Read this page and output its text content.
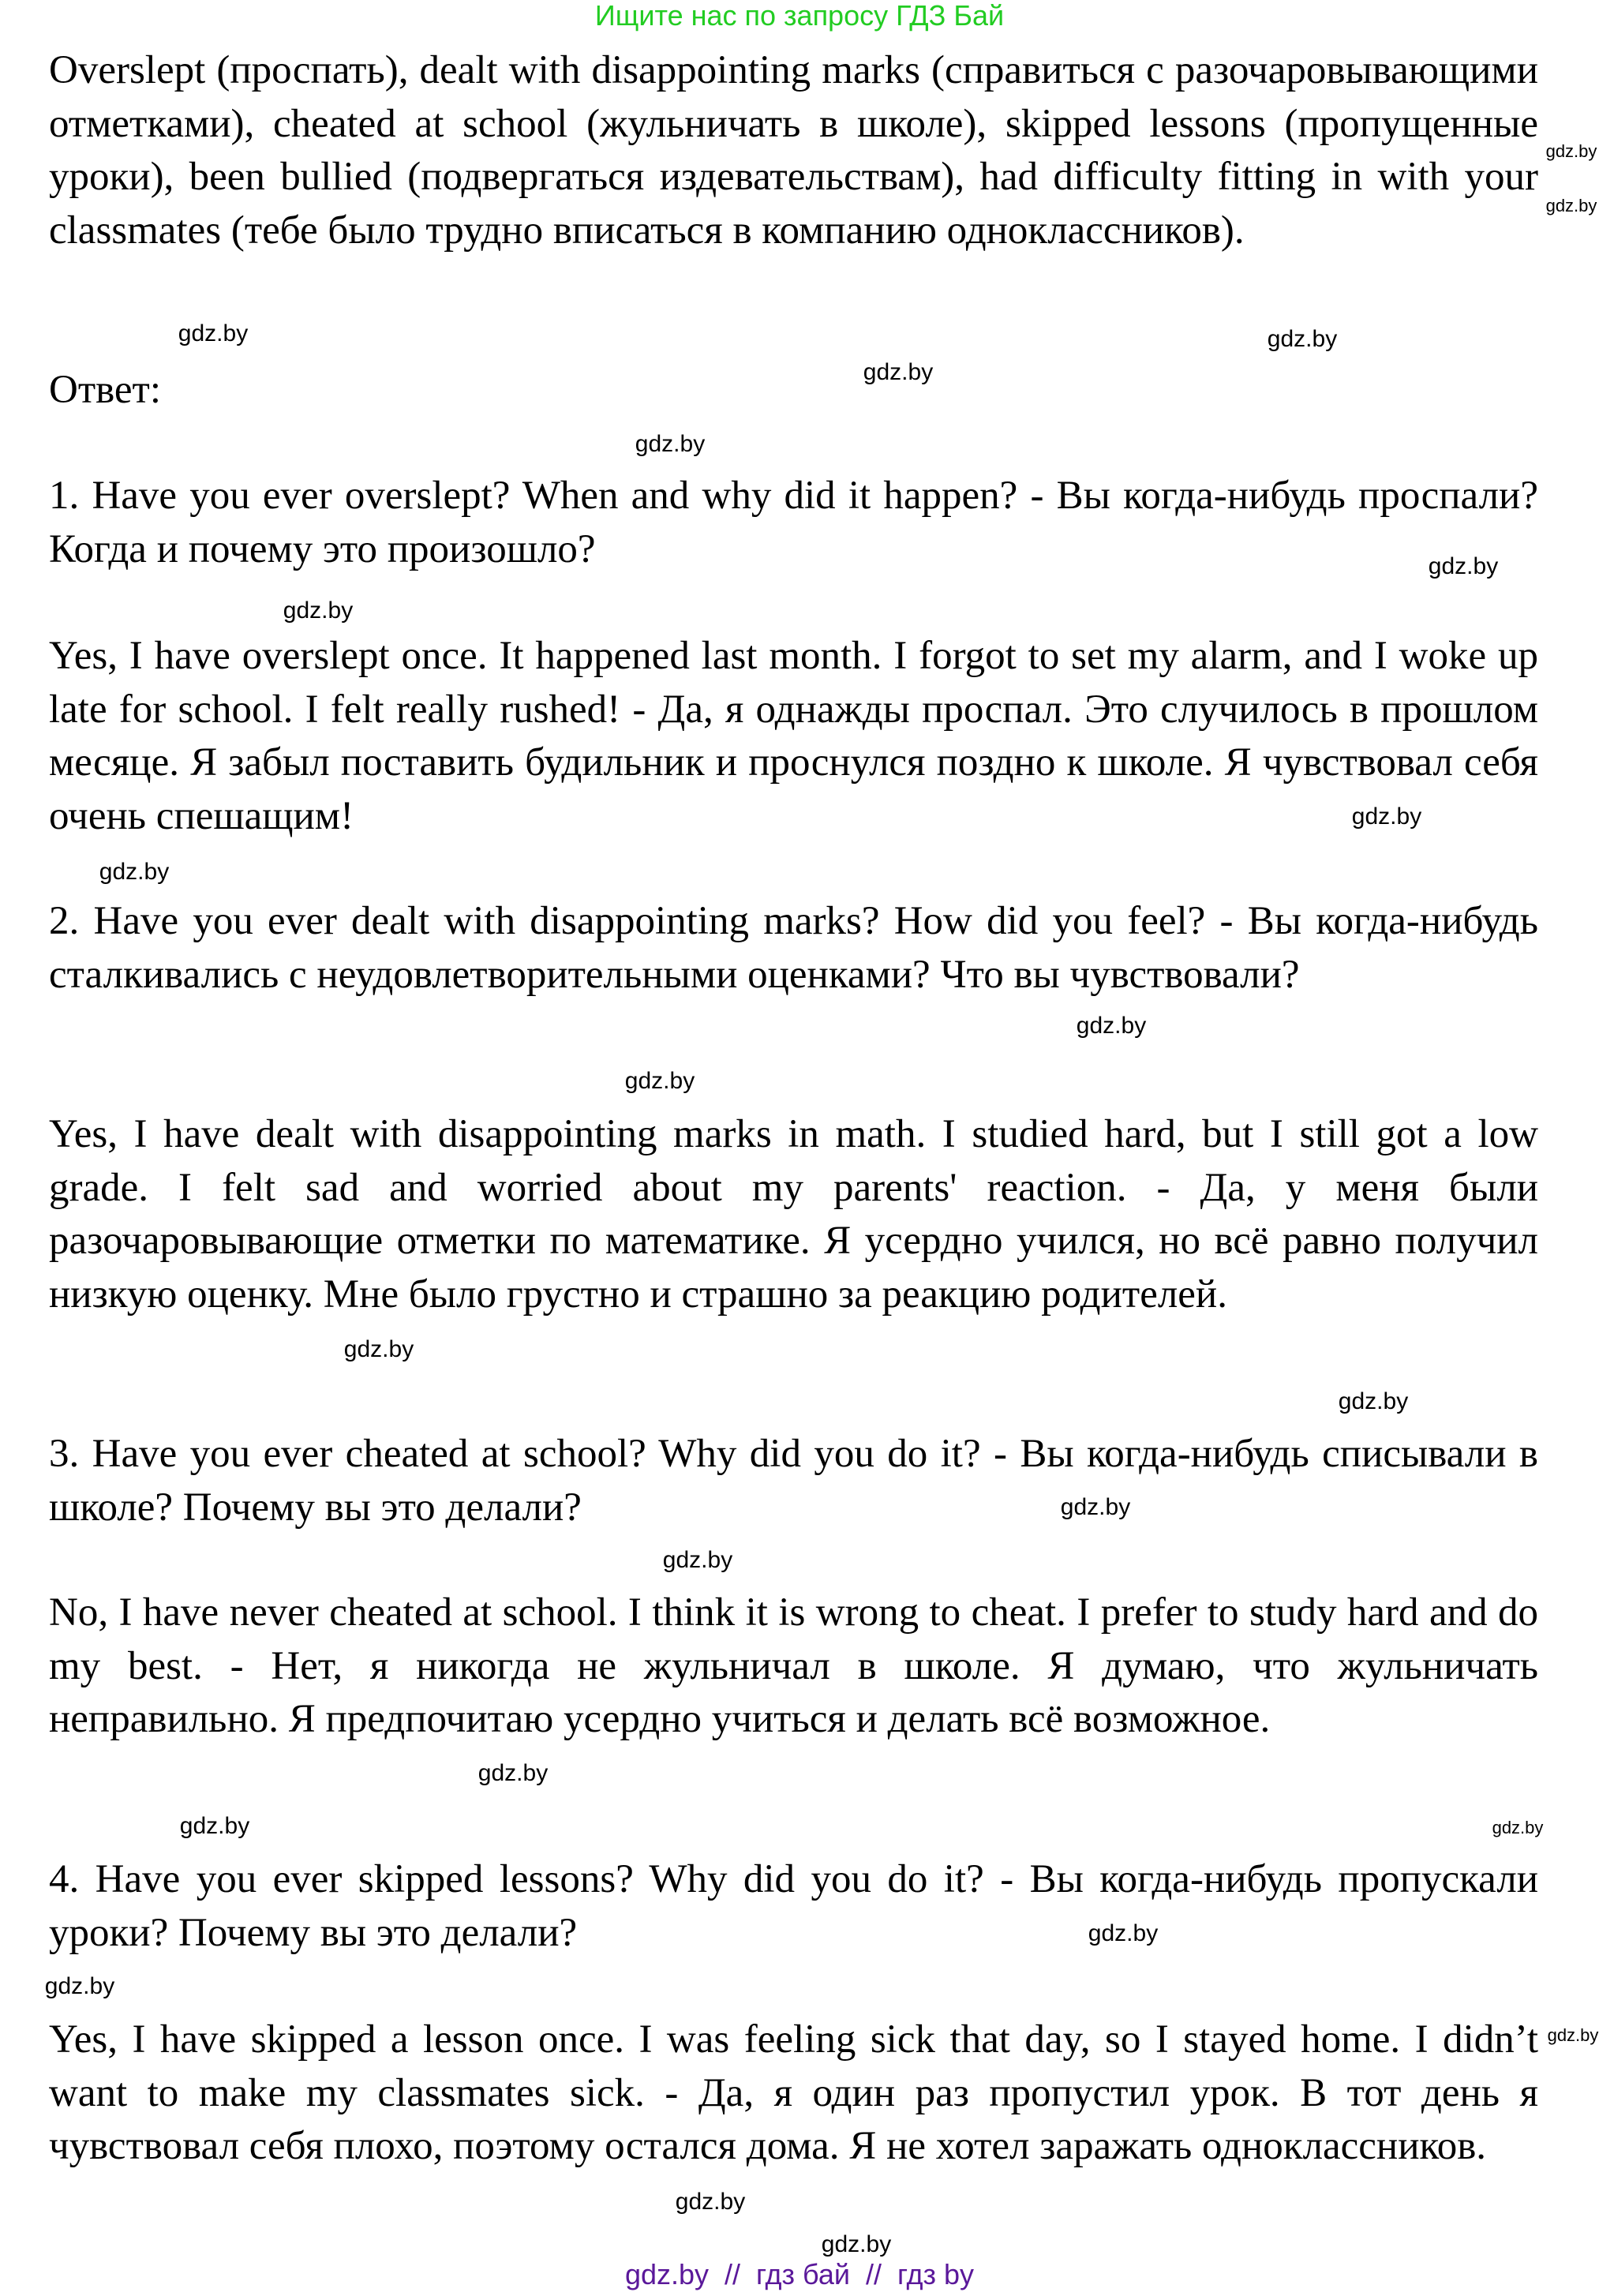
Ищите нас по запросу ГДЗ Бай

Overslept (проспать), dealt with disappointing marks (справиться с разочаровывающими отметками), cheated at school (жульничать в школе), skipped lessons (пропущенные уроки), been bullied (подвергаться издевательствам), had difficulty fitting in with your classmates (тебе было трудно вписаться в компанию одноклассников).

Ответ:

1. Have you ever overslept? When and why did it happen? - Вы когда-нибудь проспали? Когда и почему это произошло?

Yes, I have overslept once. It happened last month. I forgot to set my alarm, and I woke up late for school. I felt really rushed! - Да, я однажды проспал. Это случилось в прошлом месяце. Я забыл поставить будильник и проснулся поздно к школе. Я чувствовал себя очень спешащим!

2. Have you ever dealt with disappointing marks? How did you feel? - Вы когда-нибудь сталкивались с неудовлетворительными оценками? Что вы чувствовали?

Yes, I have dealt with disappointing marks in math. I studied hard, but I still got a low grade. I felt sad and worried about my parents' reaction. - Да, у меня были разочаровывающие отметки по математике. Я усердно учился, но всё равно получил низкую оценку. Мне было грустно и страшно за реакцию родителей.

3. Have you ever cheated at school? Why did you do it? - Вы когда-нибудь списывали в школе? Почему вы это делали?

No, I have never cheated at school. I think it is wrong to cheat. I prefer to study hard and do my best. - Нет, я никогда не жульничал в школе. Я думаю, что жульничать неправильно. Я предпочитаю усердно учиться и делать всё возможное.

4. Have you ever skipped lessons? Why did you do it? - Вы когда-нибудь пропускали уроки? Почему вы это делали?

Yes, I have skipped a lesson once. I was feeling sick that day, so I stayed home. I didn’t want to make my classmates sick. - Да, я один раз пропустил урок. В тот день я чувствовал себя плохо, поэтому остался дома. Я не хотел заражать одноклассников.

gdz.by
gdz.by
gdz.by
gdz.by
gdz.by
gdz.by
gdz.by
gdz.by
gdz.by
gdz.by
gdz.by
gdz.by
gdz.by
gdz.by
gdz.by
gdz.by
gdz.by
gdz.by	gdz.by
gdz.by
gdz.by
gdz.by
gdz.by
gdz.by
gdz.by  //  гдз бай  //  гдз by
